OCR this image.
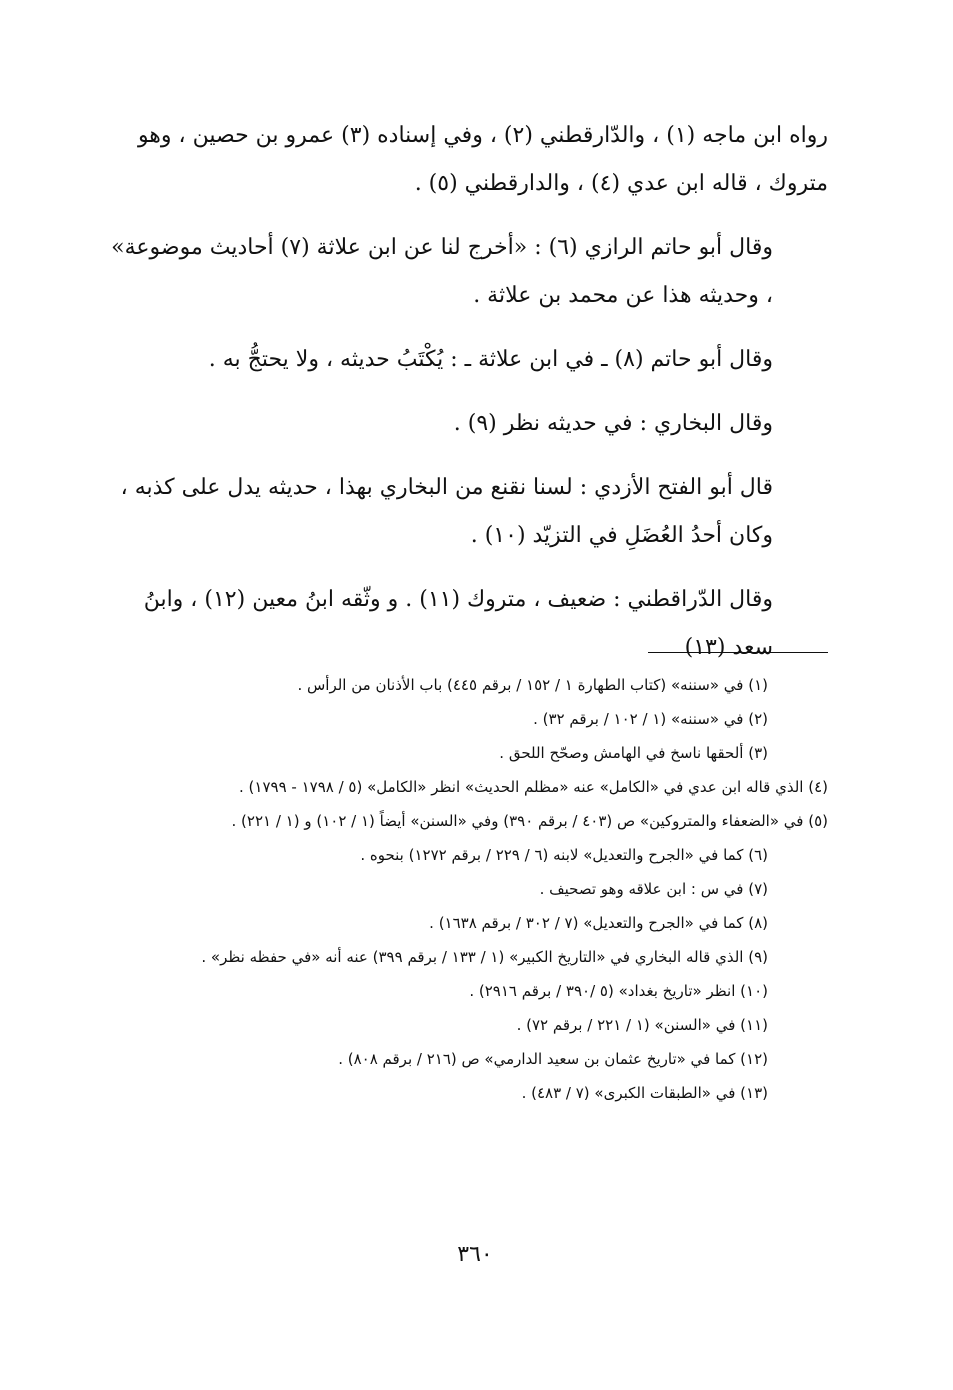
رواه ابن ماجه (١) ، والدّارقطني (٢) ، وفي إسناده (٣) عمرو بن حصين ، وهو متروك ، قاله ابن عدي (٤) ، والدارقطني (٥) .

وقال أبو حاتم الرازي (٦) : «أخرج لنا عن ابن علاثة (٧) أحاديث موضوعة» ، وحديثه هذا عن محمد بن علاثة .

وقال أبو حاتم (٨) ـ في ابن علاثة ـ : يُكْتَبُ حديثه ، ولا يحتجُّ به .

وقال البخاري : في حديثه نظر (٩) .

قال أبو الفتح الأزدي : لسنا نقنع من البخاري بهذا ، حديثه يدل على كذبه ، وكان أحدُ العُضَلِ في التزيّد (١٠) .

وقال الدّراقطني : ضعيف ، متروك (١١) . و وثّقه ابنُ معين (١٢) ، وابنُ سعد (١٣)

(١) في «سننه» (كتاب الطهارة ١ / ١٥٢ / برقم ٤٤٥) باب الأذنان من الرأس .

(٢) في «سننه» (١ / ١٠٢ / برقم ٣٢) .

(٣) ألحقها ناسخ في الهامش وصحّح اللحق .

(٤) الذي قاله ابن عدي في «الكامل» عنه «مظلم الحديث» انظر «الكامل» (٥ / ١٧٩٨ - ١٧٩٩) .

(٥) في «الضعفاء والمتروكين» ص (٤٠٣ / برقم ٣٩٠) وفي «السنن» أيضاً (١ / ١٠٢) و (١ / ٢٢١) .

(٦) كما في «الجرح والتعديل» لابنه (٦ / ٢٢٩ / برقم ١٢٧٢) بنحوه .

(٧) في س : ابن علاقه وهو تصحيف .

(٨) كما في «الجرح والتعديل» (٧ / ٣٠٢ / برقم ١٦٣٨) .

(٩) الذي قاله البخاري في «التاريخ الكبير» (١ / ١٣٣ / برقم ٣٩٩) عنه أنه «في حفظه نظر» .

(١٠) انظر «تاريخ بغداد» (٥ /٣٩٠ / برقم ٢٩١٦) .

(١١) في «السنن» (١ / ٢٢١ / برقم ٧٢) .

(١٢) كما في «تاريخ عثمان بن سعيد الدارمي» ص (٢١٦ / برقم ٨٠٨) .

(١٣) في «الطبقات الكبرى» (٧ / ٤٨٣) .

٣٦٠
